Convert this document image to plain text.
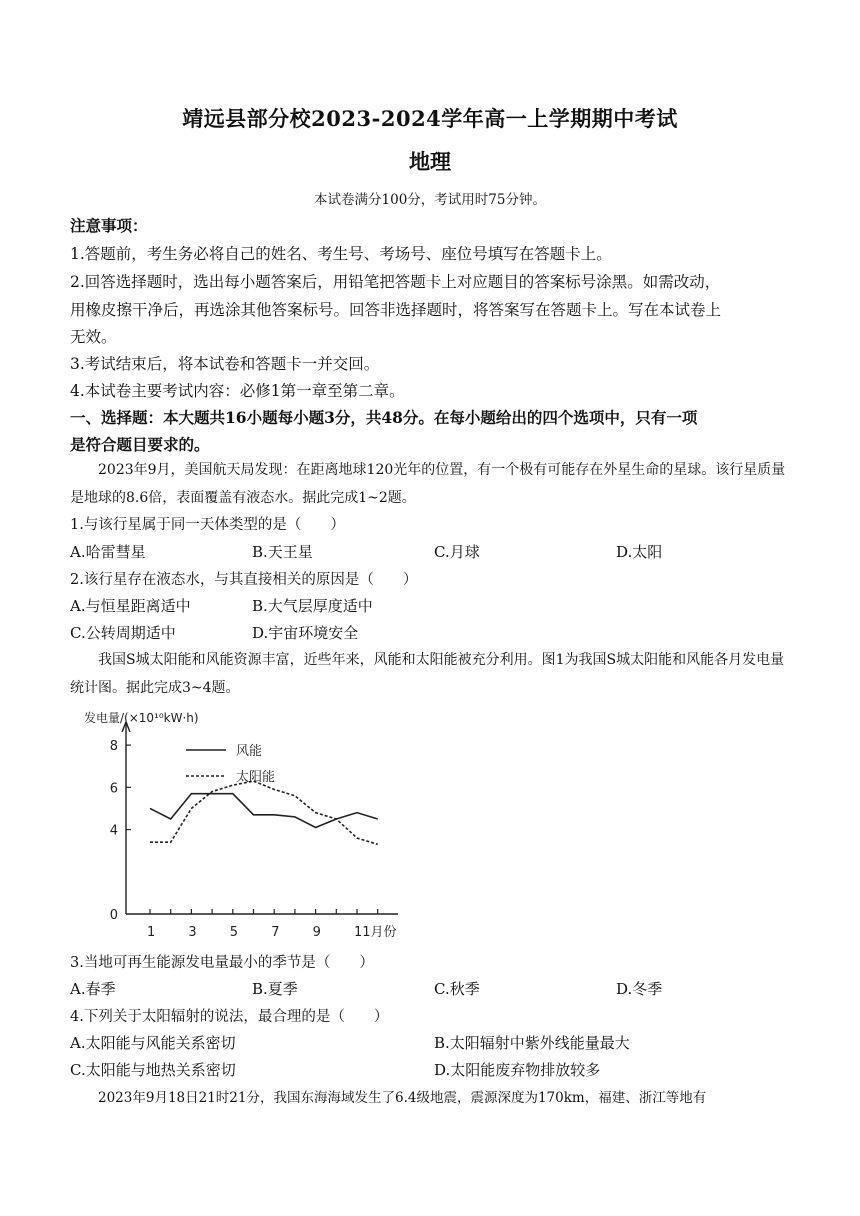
靖远县部分校2023-2024学年高一上学期期中考试
地理
本试卷满分100分，考试用时75分钟。
注意事项：
1.答题前，考生务必将自己的姓名、考生号、考场号、座位号填写在答题卡上。
2.回答选择题时，选出每小题答案后，用铅笔把答题卡上对应题目的答案标号涂黑。如需改动，
用橡皮擦干净后，再选涂其他答案标号。回答非选择题时，将答案写在答题卡上。写在本试卷上
无效。
3.考试结束后，将本试卷和答题卡一并交回。
4.本试卷主要考试内容：必修1第一章至第二章。
一、选择题：本大题共16小题每小题3分，共48分。在每小题给出的四个选项中，只有一项
是符合题目要求的。
2023年9月，美国航天局发现：在距离地球120光年的位置，有一个极有可能存在外星生命的星球。该行星质量是地球的8.6倍，表面覆盖有液态水。据此完成1~2题。
1.与该行星属于同一天体类型的是（　　）
A.哈雷彗星	B.天王星	C.月球	D.太阳
2.该行星存在液态水，与其直接相关的原因是（　　）
A.与恒星距离适中	B.大气层厚度适中
C.公转周期适中	D.宇宙环境安全
我国S城太阳能和风能资源丰富，近些年来，风能和太阳能被充分利用。图1为我国S城太阳能和风能各月发电量统计图。据此完成3~4题。
发电量/(×10¹⁰kW·h)
0
4
6
8
1	3	5	7	9	11月份
风能
太阳能
3.当地可再生能源发电量最小的季节是（　　）
A.春季	B.夏季	C.秋季	D.冬季
4.下列关于太阳辐射的说法，最合理的是（　　）
A.太阳能与风能关系密切	B.太阳辐射中紫外线能量最大
C.太阳能与地热关系密切	D.太阳能废弃物排放较多
2023年9月18日21时21分，我国东海海域发生了6.4级地震，震源深度为170km，福建、浙江等地有
